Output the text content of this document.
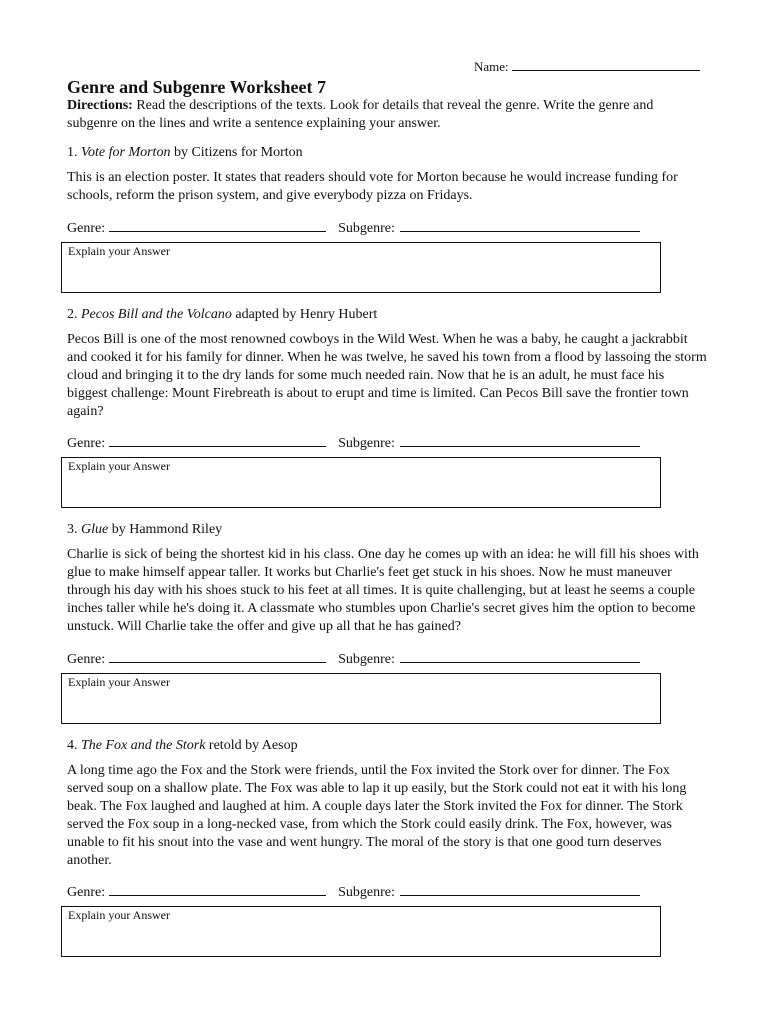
Name:
Genre and Subgenre Worksheet 7
Directions: Read the descriptions of the texts. Look for details that reveal the genre. Write the genre and subgenre on the lines and write a sentence explaining your answer.
1. Vote for Morton by Citizens for Morton
This is an election poster. It states that readers should vote for Morton because he would increase funding for schools, reform the prison system, and give everybody pizza on Fridays.
Genre:	Subgenre:
Explain your Answer
2. Pecos Bill and the Volcano adapted by Henry Hubert
Pecos Bill is one of the most renowned cowboys in the Wild West. When he was a baby, he caught a jackrabbit and cooked it for his family for dinner. When he was twelve, he saved his town from a flood by lassoing the storm cloud and bringing it to the dry lands for some much needed rain. Now that he is an adult, he must face his biggest challenge: Mount Firebreath is about to erupt and time is limited. Can Pecos Bill save the frontier town again?
Genre:	Subgenre:
Explain your Answer
3. Glue by Hammond Riley
Charlie is sick of being the shortest kid in his class. One day he comes up with an idea: he will fill his shoes with glue to make himself appear taller. It works but Charlie's feet get stuck in his shoes. Now he must maneuver through his day with his shoes stuck to his feet at all times. It is quite challenging, but at least he seems a couple inches taller while he's doing it. A classmate who stumbles upon Charlie's secret gives him the option to become unstuck. Will Charlie take the offer and give up all that he has gained?
Genre:	Subgenre:
Explain your Answer
4. The Fox and the Stork retold by Aesop
A long time ago the Fox and the Stork were friends, until the Fox invited the Stork over for dinner. The Fox served soup on a shallow plate. The Fox was able to lap it up easily, but the Stork could not eat it with his long beak. The Fox laughed and laughed at him. A couple days later the Stork invited the Fox for dinner. The Stork served the Fox soup in a long-necked vase, from which the Stork could easily drink. The Fox, however, was unable to fit his snout into the vase and went hungry. The moral of the story is that one good turn deserves another.
Genre:	Subgenre:
Explain your Answer
